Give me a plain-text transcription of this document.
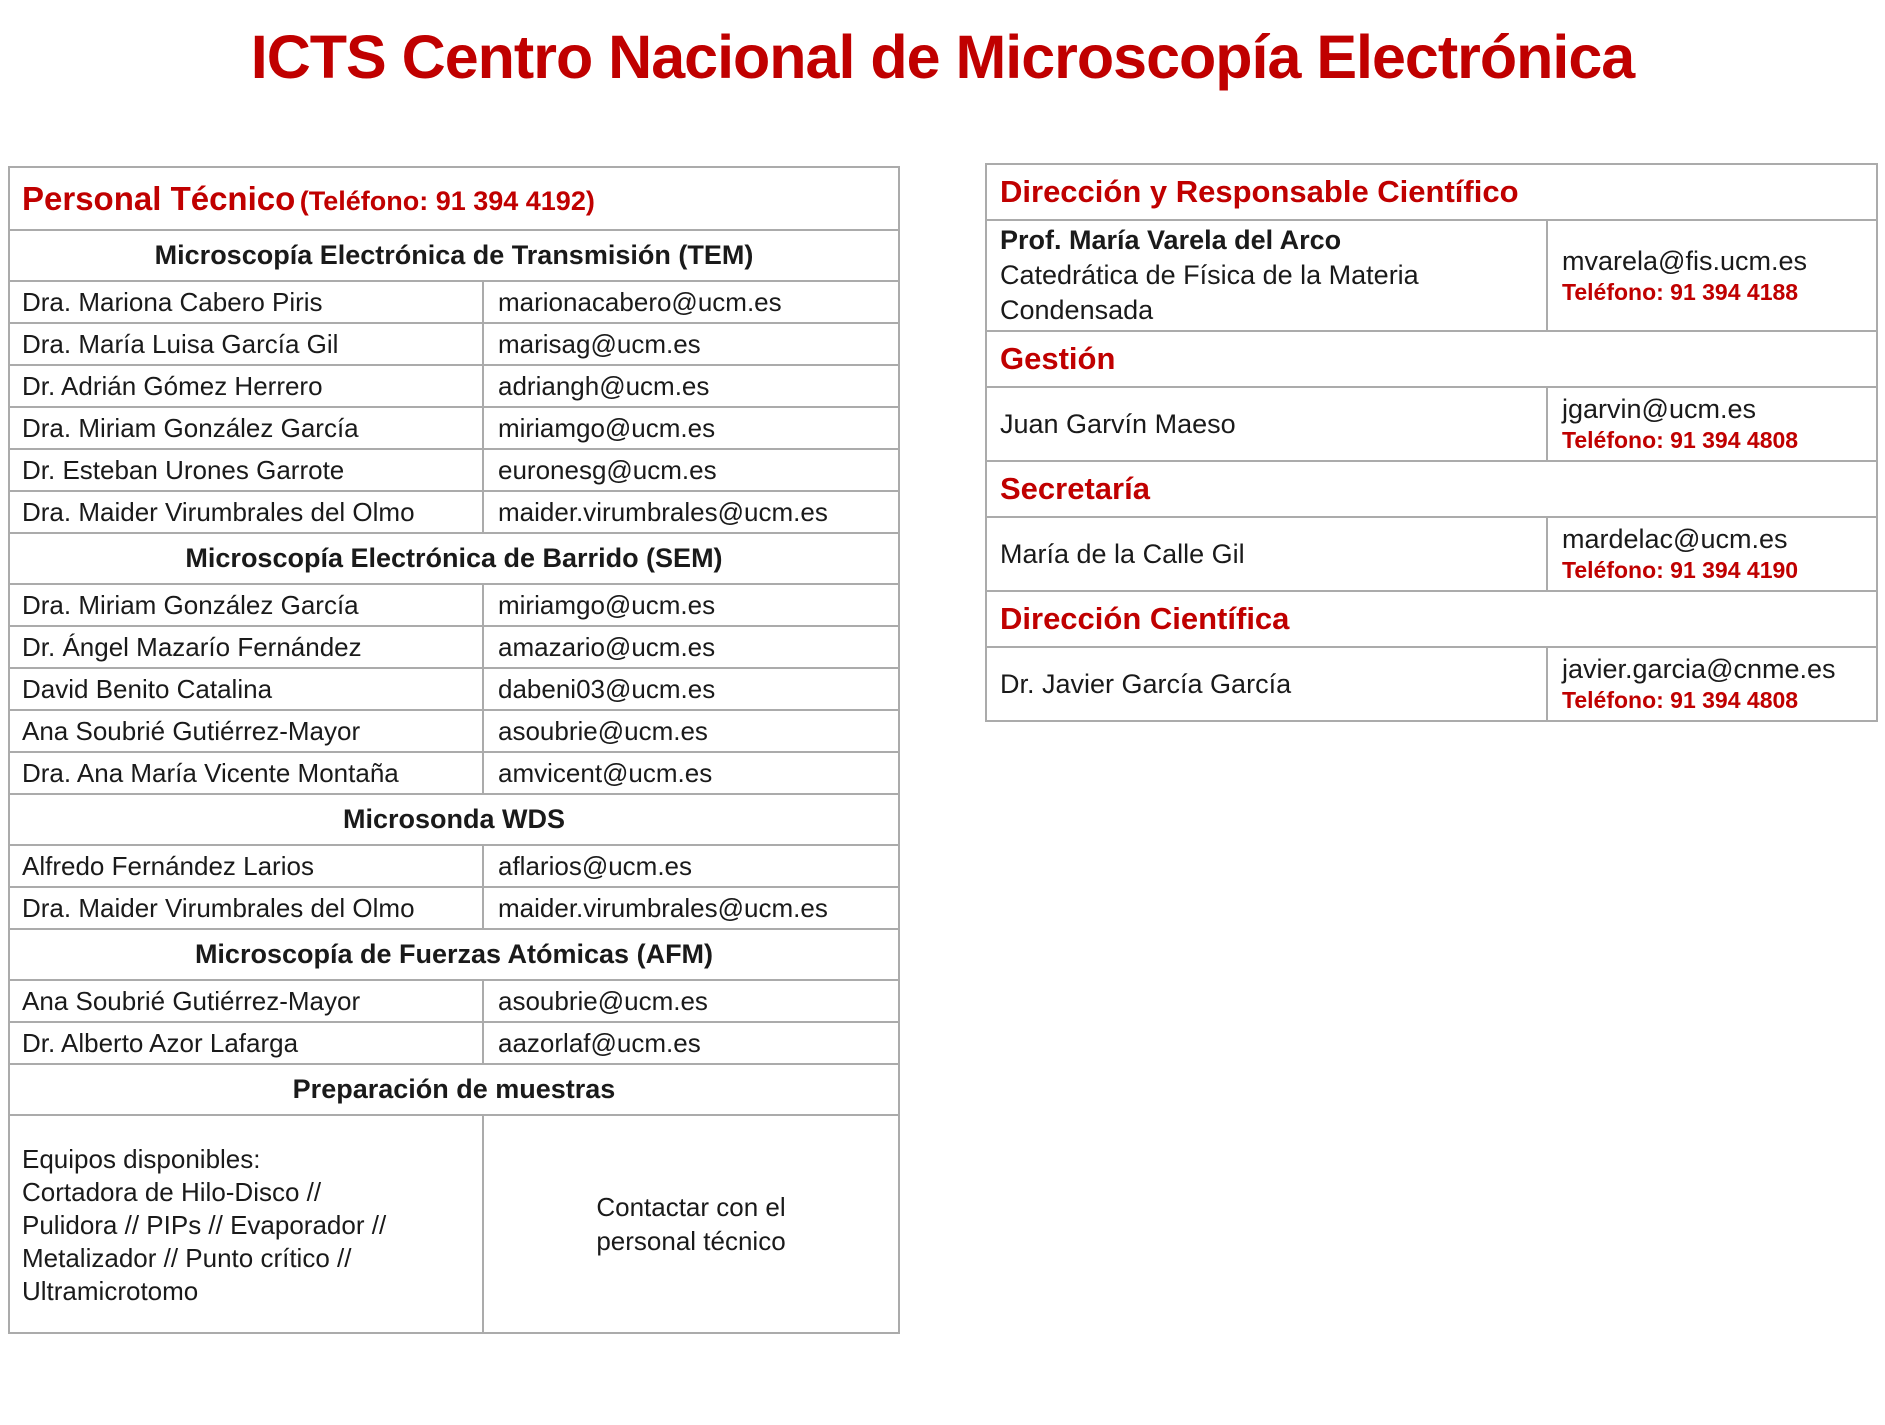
ICTS Centro Nacional de Microscopía Electrónica
Personal Técnico (Teléfono: 91 394 4192)	
Microscopía Electrónica de Transmisión (TEM)	
Dra. Mariona Cabero Piris	marionacabero@ucm.es
Dra. María Luisa García Gil	marisag@ucm.es
Dr. Adrián Gómez Herrero	adriangh@ucm.es
Dra. Miriam González García	miriamgo@ucm.es
Dr. Esteban Urones Garrote	euronesg@ucm.es
Dra. Maider Virumbrales del Olmo	maider.virumbrales@ucm.es
Microscopía Electrónica de Barrido (SEM)	
Dra. Miriam González García	miriamgo@ucm.es
Dr. Ángel Mazarío Fernández	amazario@ucm.es
David Benito Catalina	dabeni03@ucm.es
Ana Soubrié Gutiérrez-Mayor	asoubrie@ucm.es
Dra. Ana María Vicente Montaña	amvicent@ucm.es
Microsonda WDS	
Alfredo Fernández Larios	aflarios@ucm.es
Dra. Maider Virumbrales del Olmo	maider.virumbrales@ucm.es
Microscopía de Fuerzas Atómicas (AFM)	
Ana Soubrié Gutiérrez-Mayor	asoubrie@ucm.es
Dr. Alberto Azor Lafarga	aazorlaf@ucm.es
Preparación de muestras	

Equipos disponibles:
Cortadora de Hilo-Disco //
Pulidora // PIPs // Evaporador //
Metalizador // Punto crítico //
Ultramicrotomo	Contactar con el personal técnico
Dirección y Responsable Científico	

Prof. María Varela del Arco
Catedrática de Física de la Materia Condensada

mvarela@fis.ucm.es
Teléfono: 91 394 4188

Gestión	
Juan Garvín Maeso	jgarvin@ucm.es
Teléfono: 91 394 4808

Secretaría	
María de la Calle Gil	mardelac@ucm.es
Teléfono: 91 394 4190

Dirección Científica	
Dr. Javier García García	javier.garcia@cnme.es
Teléfono: 91 394 4808
